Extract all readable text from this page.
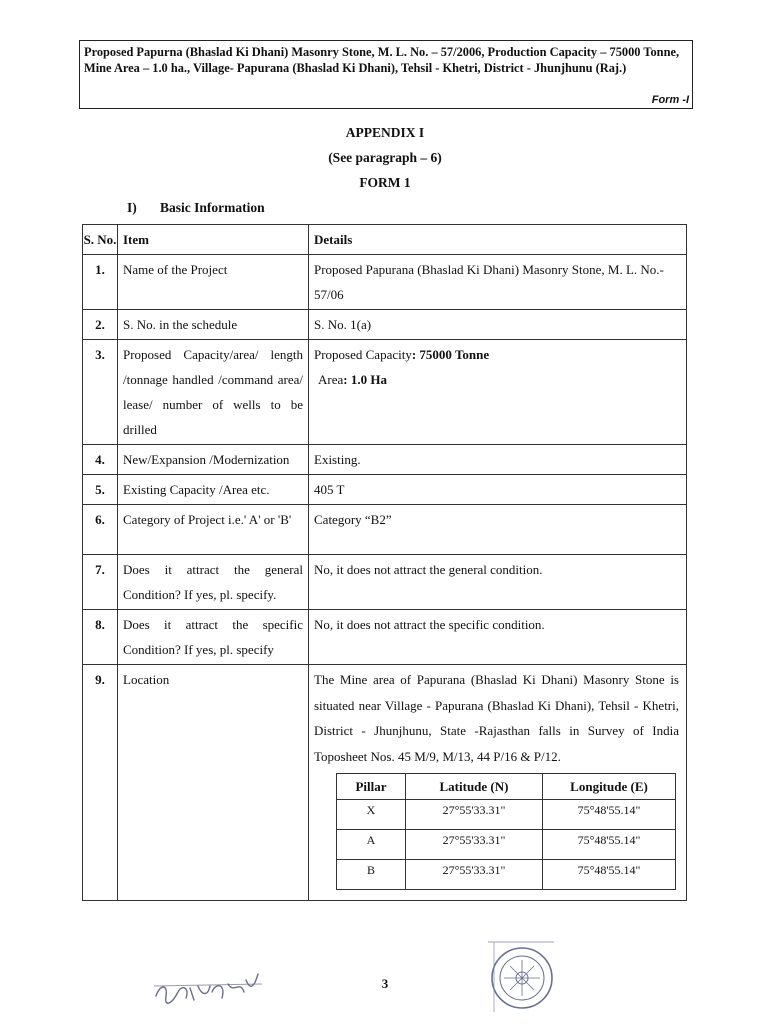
Proposed Papurna (Bhaslad Ki Dhani) Masonry Stone, M. L. No. – 57/2006, Production Capacity – 75000 Tonne, Mine Area – 1.0 ha., Village- Papurana (Bhaslad Ki Dhani), Tehsil - Khetri, District - Jhunjhunu (Raj.)
Form -I
APPENDIX I
(See paragraph – 6)
FORM 1
I) Basic Information
S. No.	Item	Details
1.	Name of the Project	Proposed Papurana (Bhaslad Ki Dhani) Masonry Stone, M. L. No.- 57/06
2.	S. No. in the schedule	S. No. 1(a)
3.	Proposed Capacity/area/ length /tonnage handled /command area/ lease/ number of wells to be drilled	
Proposed Capacity: 75000 Tonne
Area: 1.0 Ha

4.	New/Expansion /Modernization	Existing.
5.	Existing Capacity /Area etc.	405 T
6.	Category of Project i.e.' A' or 'B'	Category “B2”
7.	Does it attract the general Condition? If yes, pl. specify.	No, it does not attract the general condition.
8.	Does it attract the specific Condition? If yes, pl. specify	No, it does not attract the specific condition.
9.	Location	The Mine area of Papurana (Bhaslad Ki Dhani) Masonry Stone is situated near Village - Papurana (Bhaslad Ki Dhani), Tehsil - Khetri, District - Jhunjhunu, State -Rajasthan falls in Survey of India Toposheet Nos. 45 M/9, M/13, 44 P/16 & P/12.
Pillar	Latitude (N)	Longitude (E)
X	27°55'33.31"	75°48'55.14"
A	27°55'33.31"	75°48'55.14"
B	27°55'33.31"	75°48'55.14"
3
